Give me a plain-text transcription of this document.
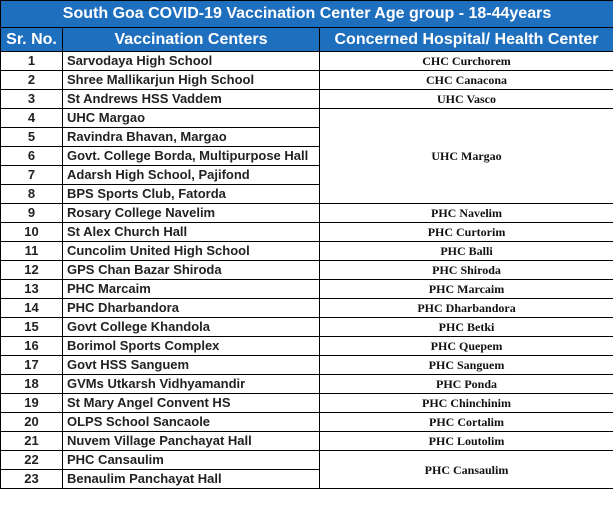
South Goa COVID-19 Vaccination Center Age group - 18-44years		
Sr. No.	Vaccination Centers	Concerned Hospital/ Health Center
1	Sarvodaya High School	CHC Curchorem
2	Shree Mallikarjun High School	CHC Canacona
3	St Andrews HSS Vaddem	UHC Vasco
4	UHC Margao	UHC Margao
5	Ravindra Bhavan, Margao	
6	Govt. College Borda, Multipurpose Hall	
7	Adarsh High School, Pajifond	
8	BPS Sports Club, Fatorda	
9	Rosary College Navelim	PHC Navelim
10	St Alex Church Hall	PHC Curtorim
11	Cuncolim United High School	PHC Balli
12	GPS Chan Bazar Shiroda	PHC Shiroda
13	PHC Marcaim	PHC Marcaim
14	PHC Dharbandora	PHC Dharbandora
15	Govt College Khandola	PHC Betki
16	Borimol Sports Complex	PHC Quepem
17	Govt HSS Sanguem	PHC Sanguem
18	GVMs Utkarsh Vidhyamandir	PHC Ponda
19	St Mary Angel Convent HS	PHC Chinchinim
20	OLPS School Sancaole	PHC Cortalim
21	Nuvem Village Panchayat Hall	PHC Loutolim
22	PHC Cansaulim	PHC Cansaulim
23	Benaulim Panchayat Hall	
